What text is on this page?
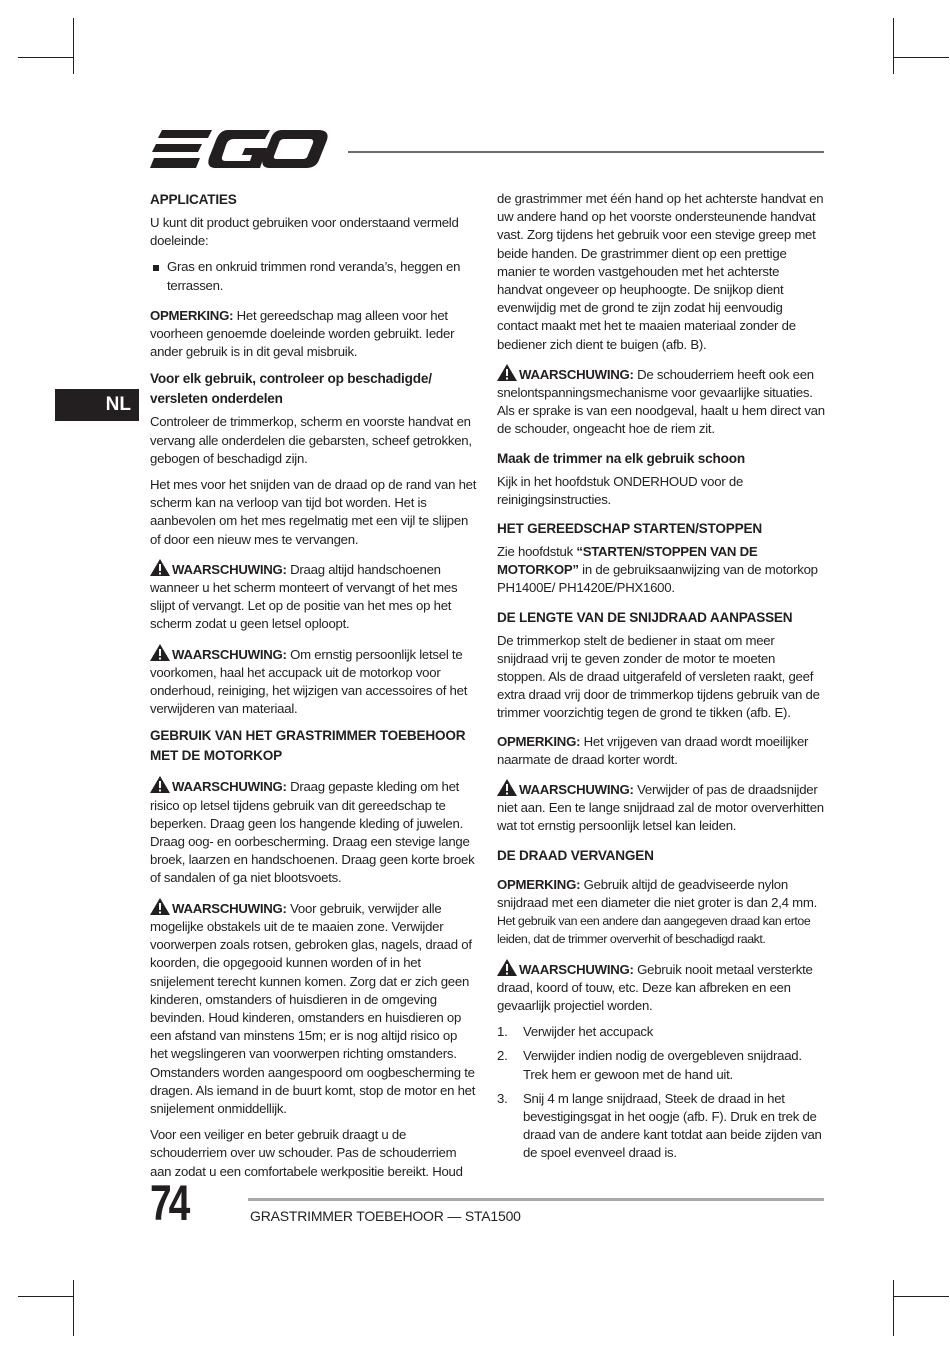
NL
APPLICATIES

U kunt dit product gebruiken voor onderstaand vermeld doeleinde:

Gras en onkruid trimmen rond veranda’s, heggen en terrassen.

OPMERKING: Het gereedschap mag alleen voor het voorheen genoemde doeleinde worden gebruikt. Ieder ander gebruik is in dit geval misbruik.

Voor elk gebruik, controleer op beschadigde/ versleten onderdelen

Controleer de trimmerkop, scherm en voorste handvat en vervang alle onderdelen die gebarsten, scheef getrokken, gebogen of beschadigd zijn.

Het mes voor het snijden van de draad op de rand van het scherm kan na verloop van tijd bot worden. Het is aanbevolen om het mes regelmatig met een vijl te slijpen of door een nieuw mes te vervangen.

WAARSCHUWING: Draag altijd handschoenen wanneer u het scherm monteert of vervangt of het mes slijpt of vervangt. Let op de positie van het mes op het scherm zodat u geen letsel oploopt.

WAARSCHUWING: Om ernstig persoonlijk letsel te voorkomen, haal het accupack uit de motorkop voor onderhoud, reiniging, het wijzigen van accessoires of het verwijderen van materiaal.

GEBRUIK VAN HET GRASTRIMMER TOEBEHOOR MET DE MOTORKOP

WAARSCHUWING: Draag gepaste kleding om het risico op letsel tijdens gebruik van dit gereedschap te beperken. Draag geen los hangende kleding of juwelen. Draag oog- en oorbescherming. Draag een stevige lange broek, laarzen en handschoenen. Draag geen korte broek of sandalen of ga niet blootsvoets.

WAARSCHUWING: Voor gebruik, verwijder alle mogelijke obstakels uit de te maaien zone. Verwijder voorwerpen zoals rotsen, gebroken glas, nagels, draad of koorden, die opgegooid kunnen worden of in het snijelement terecht kunnen komen. Zorg dat er zich geen kinderen, omstanders of huisdieren in de omgeving bevinden. Houd kinderen, omstanders en huisdieren op een afstand van minstens 15m; er is nog altijd risico op het wegslingeren van voorwerpen richting omstanders. Omstanders worden aangespoord om oogbescherming te dragen. Als iemand in de buurt komt, stop de motor en het snijelement onmiddellijk.

Voor een veiliger en beter gebruik draagt u de schouderriem over uw schouder. Pas de schouderriem aan zodat u een comfortabele werkpositie bereikt. Houd

de grastrimmer met één hand op het achterste handvat en uw andere hand op het voorste ondersteunende handvat vast. Zorg tijdens het gebruik voor een stevige greep met beide handen. De grastrimmer dient op een prettige manier te worden vastgehouden met het achterste handvat ongeveer op heuphoogte. De snijkop dient evenwijdig met de grond te zijn zodat hij eenvoudig contact maakt met het te maaien materiaal zonder de bediener zich dient te buigen (afb. B).

WAARSCHUWING: De schouderriem heeft ook een snelontspanningsmechanisme voor gevaarlijke situaties. Als er sprake is van een noodgeval, haalt u hem direct van de schouder, ongeacht hoe de riem zit.

Maak de trimmer na elk gebruik schoon

Kijk in het hoofdstuk ONDERHOUD voor de reinigingsinstructies.

HET GEREEDSCHAP STARTEN/STOPPEN

Zie hoofdstuk “STARTEN/STOPPEN VAN DE MOTORKOP” in de gebruiksaanwijzing van de motorkop PH1400E/ PH1420E/PHX1600.

DE LENGTE VAN DE SNIJDRAAD AANPASSEN

De trimmerkop stelt de bediener in staat om meer snijdraad vrij te geven zonder de motor te moeten stoppen. Als de draad uitgerafeld of versleten raakt, geef extra draad vrij door de trimmerkop tijdens gebruik van de trimmer voorzichtig tegen de grond te tikken (afb. E).

OPMERKING: Het vrijgeven van draad wordt moeilijker naarmate de draad korter wordt.

WAARSCHUWING: Verwijder of pas de draadsnijder niet aan. Een te lange snijdraad zal de motor oververhitten wat tot ernstig persoonlijk letsel kan leiden.

DE DRAAD VERVANGEN

OPMERKING: Gebruik altijd de geadviseerde nylon snijdraad met een diameter die niet groter is dan 2,4 mm. Het gebruik van een andere dan aangegeven draad kan ertoe leiden, dat de trimmer oververhit of beschadigd raakt.

WAARSCHUWING: Gebruik nooit metaal versterkte draad, koord of touw, etc. Deze kan afbreken en een gevaarlijk projectiel worden.

1. Verwijder het accupack
2. Verwijder indien nodig de overgebleven snijdraad. Trek hem er gewoon met de hand uit.
3. Snij 4 m lange snijdraad, Steek de draad in het bevestigingsgat in het oogje (afb. F). Druk en trek de draad van de andere kant totdat aan beide zijden van de spoel evenveel draad is.
74	GRASTRIMMER TOEBEHOOR — STA1500
